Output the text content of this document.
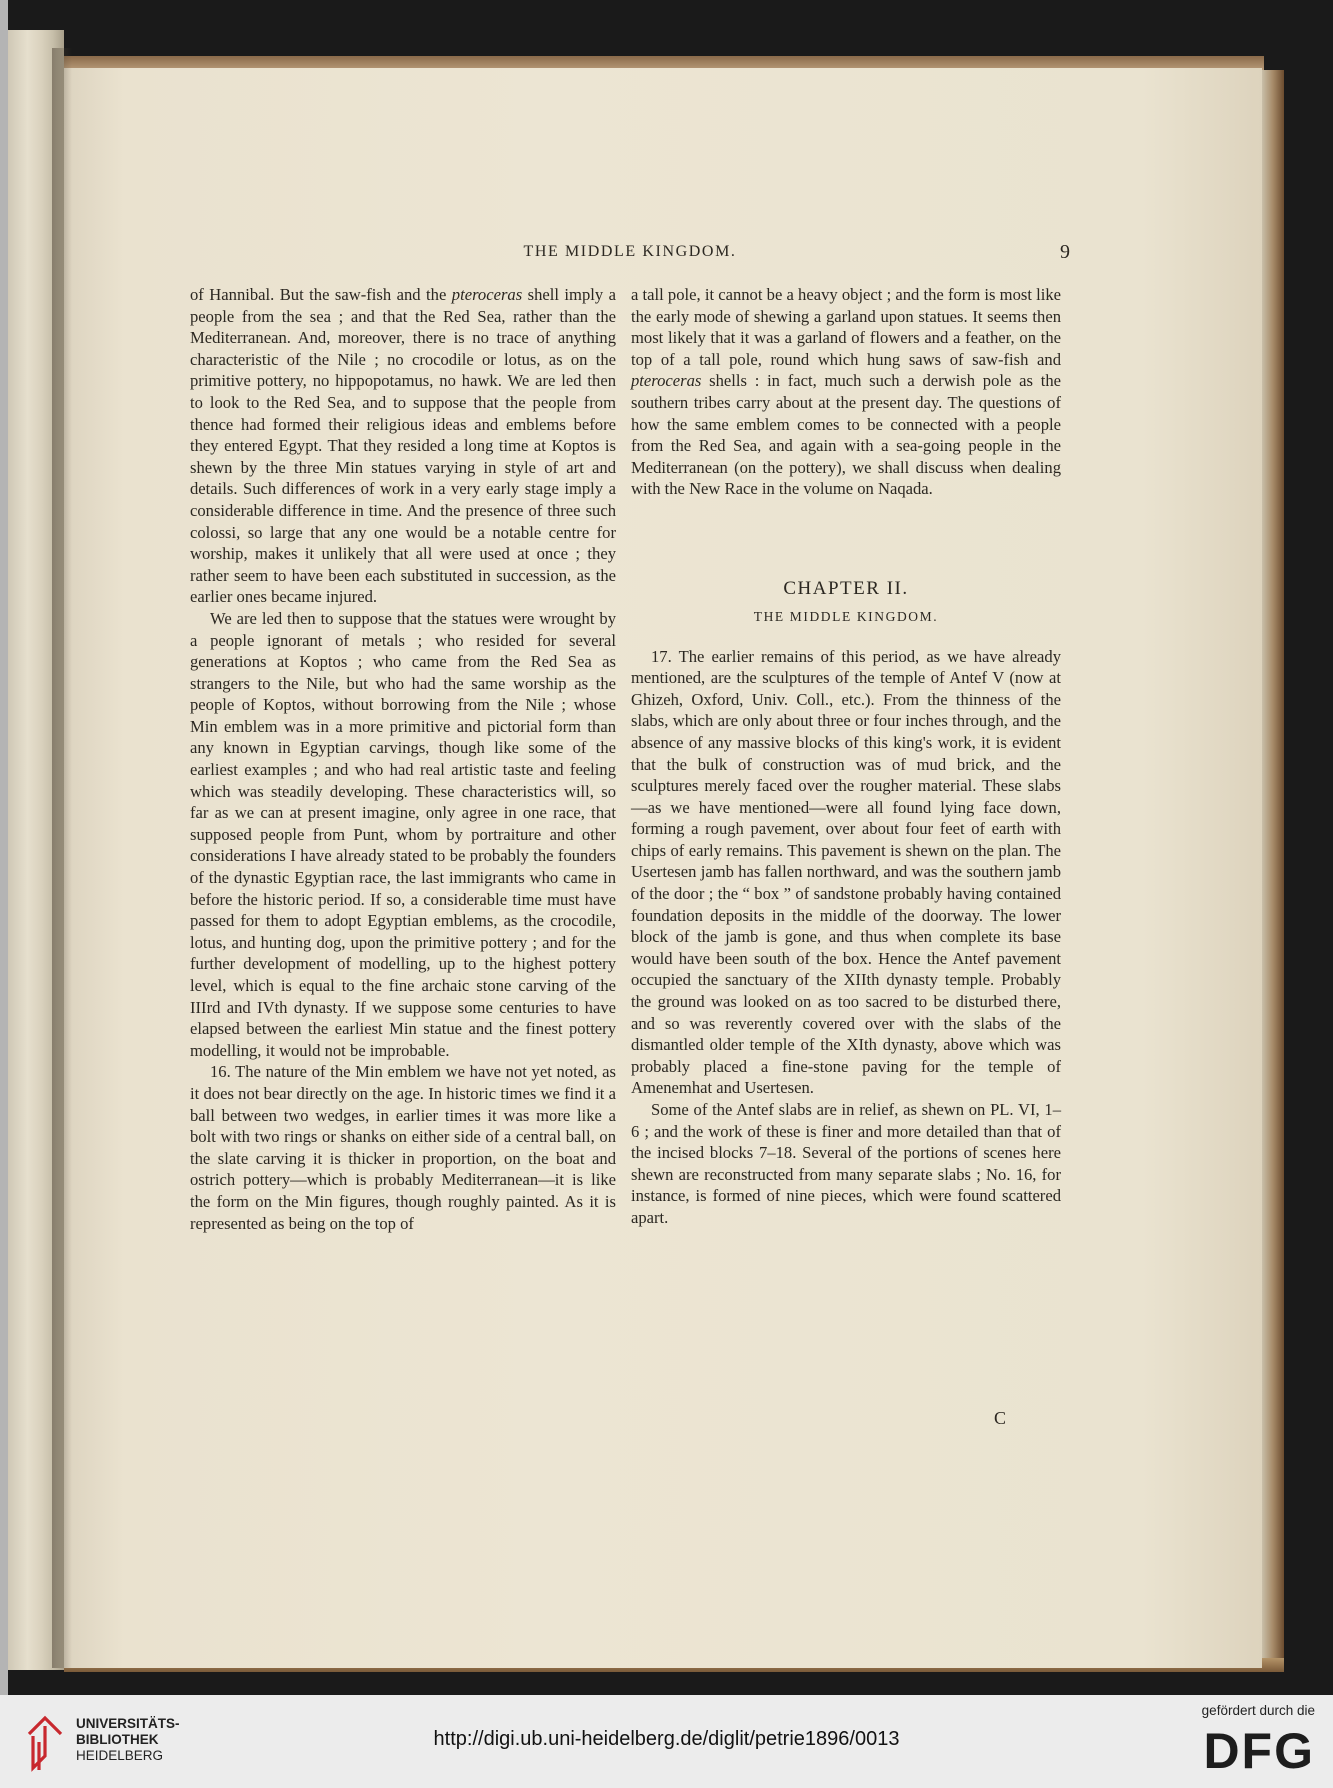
THE MIDDLE KINGDOM.	9

of Hannibal. But the saw-fish and the pteroceras shell imply a people from the sea ; and that the Red Sea, rather than the Mediterranean. And, moreover, there is no trace of anything characteristic of the Nile ; no crocodile or lotus, as on the primitive pottery, no hippopotamus, no hawk. We are led then to look to the Red Sea, and to suppose that the people from thence had formed their religious ideas and emblems before they entered Egypt. That they resided a long time at Koptos is shewn by the three Min statues varying in style of art and details. Such differences of work in a very early stage imply a considerable difference in time. And the presence of three such colossi, so large that any one would be a notable centre for worship, makes it unlikely that all were used at once ; they rather seem to have been each substituted in succession, as the earlier ones became injured.

We are led then to suppose that the statues were wrought by a people ignorant of metals ; who resided for several generations at Koptos ; who came from the Red Sea as strangers to the Nile, but who had the same worship as the people of Koptos, without borrowing from the Nile ; whose Min emblem was in a more primitive and pictorial form than any known in Egyptian carvings, though like some of the earliest examples ; and who had real artistic taste and feeling which was steadily developing. These characteristics will, so far as we can at present imagine, only agree in one race, that supposed people from Punt, whom by portraiture and other considerations I have already stated to be probably the founders of the dynastic Egyptian race, the last immigrants who came in before the historic period. If so, a considerable time must have passed for them to adopt Egyptian emblems, as the crocodile, lotus, and hunting dog, upon the primitive pottery ; and for the further development of modelling, up to the highest pottery level, which is equal to the fine archaic stone carving of the IIIrd and IVth dynasty. If we suppose some centuries to have elapsed between the earliest Min statue and the finest pottery modelling, it would not be improbable.

16. The nature of the Min emblem we have not yet noted, as it does not bear directly on the age. In historic times we find it a ball between two wedges, in earlier times it was more like a bolt with two rings or shanks on either side of a central ball, on the slate carving it is thicker in proportion, on the boat and ostrich pottery—which is probably Mediterranean—it is like the form on the Min figures, though roughly painted. As it is represented as being on the top of

a tall pole, it cannot be a heavy object ; and the form is most like the early mode of shewing a garland upon statues. It seems then most likely that it was a garland of flowers and a feather, on the top of a tall pole, round which hung saws of saw-fish and pteroceras shells : in fact, much such a derwish pole as the southern tribes carry about at the present day. The questions of how the same emblem comes to be connected with a people from the Red Sea, and again with a sea-going people in the Mediterranean (on the pottery), we shall discuss when dealing with the New Race in the volume on Naqada.

CHAPTER II.
THE MIDDLE KINGDOM.

17. The earlier remains of this period, as we have already mentioned, are the sculptures of the temple of Antef V (now at Ghizeh, Oxford, Univ. Coll., etc.). From the thinness of the slabs, which are only about three or four inches through, and the absence of any massive blocks of this king's work, it is evident that the bulk of construction was of mud brick, and the sculptures merely faced over the rougher material. These slabs—as we have mentioned—were all found lying face down, forming a rough pavement, over about four feet of earth with chips of early remains. This pavement is shewn on the plan. The Usertesen jamb has fallen northward, and was the southern jamb of the door ; the “ box ” of sandstone probably having contained foundation deposits in the middle of the doorway. The lower block of the jamb is gone, and thus when complete its base would have been south of the box. Hence the Antef pavement occupied the sanctuary of the XIIth dynasty temple. Probably the ground was looked on as too sacred to be disturbed there, and so was reverently covered over with the slabs of the dismantled older temple of the XIth dynasty, above which was probably placed a fine-stone paving for the temple of Amenemhat and Usertesen.

Some of the Antef slabs are in relief, as shewn on PL. VI, 1–6 ; and the work of these is finer and more detailed than that of the incised blocks 7–18. Several of the portions of scenes here shewn are reconstructed from many separate slabs ; No. 16, for instance, is formed of nine pieces, which were found scattered apart.

C
UNIVERSITÄTS-
BIBLIOTHEK
HEIDELBERG
http://digi.ub.uni-heidelberg.de/diglit/petrie1896/0013
gefördert durch die
DFG
